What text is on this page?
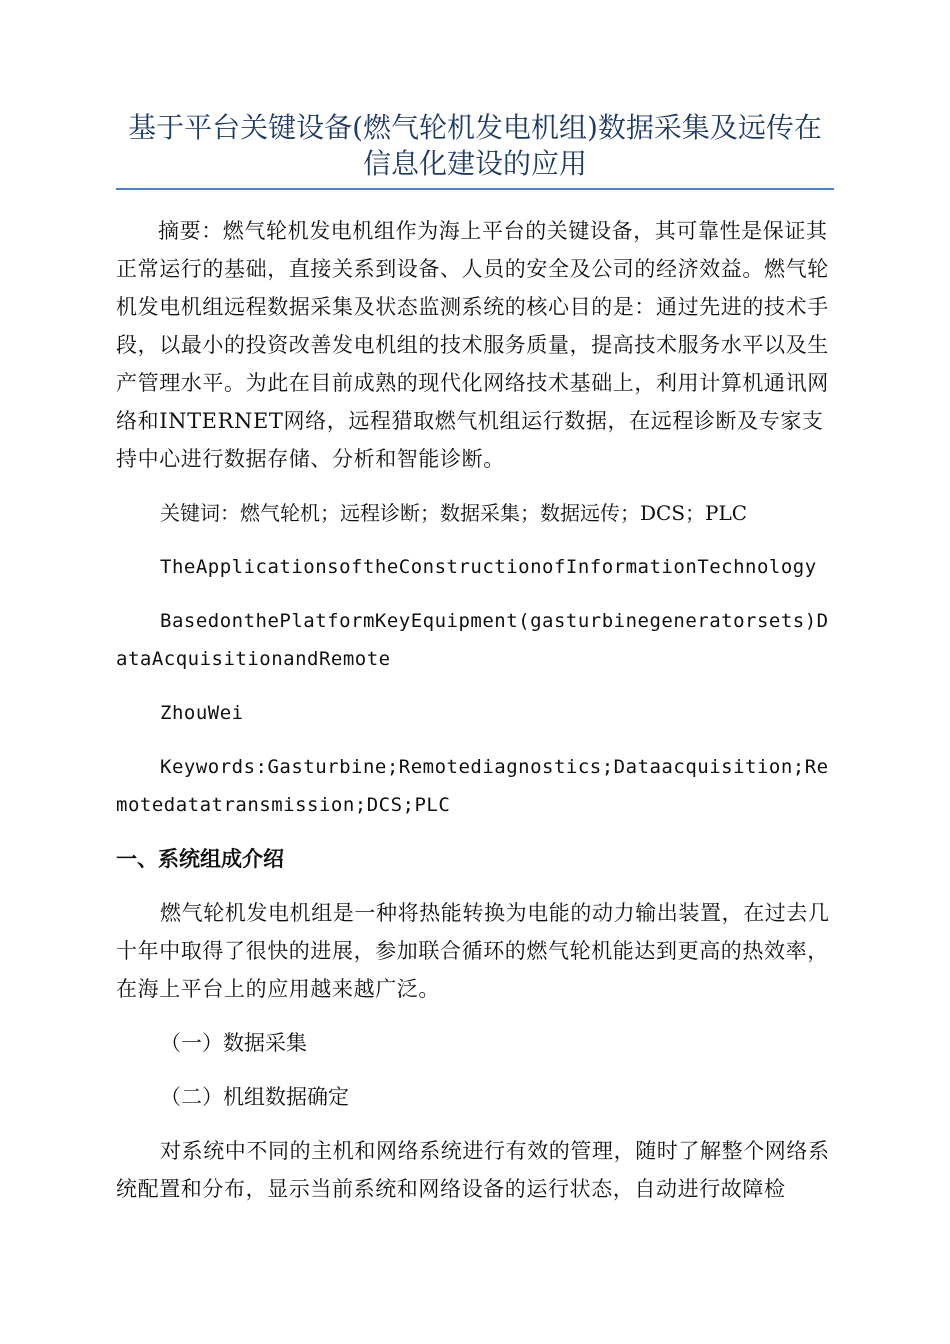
基于平台关键设备(燃气轮机发电机组)数据采集及远传在信息化建设的应用

摘要：燃气轮机发电机组作为海上平台的关键设备，其可靠性是保证其正常运行的基础，直接关系到设备、人员的安全及公司的经济效益。燃气轮机发电机组远程数据采集及状态监测系统的核心目的是：通过先进的技术手段，以最小的投资改善发电机组的技术服务质量，提高技术服务水平以及生产管理水平。为此在目前成熟的现代化网络技术基础上，利用计算机通讯网络和INTERNET网络，远程猎取燃气机组运行数据，在远程诊断及专家支持中心进行数据存储、分析和智能诊断。

关键词：燃气轮机；远程诊断；数据采集；数据远传；DCS；PLC

TheApplicationsoftheConstructionofInformationTechnology

BasedonthePlatformKeyEquipment(gasturbinegeneratorsets)DataAcquisitionandRemote

ZhouWei

Keywords:Gasturbine;Remotediagnostics;Dataacquisition;Remotedatatransmission;DCS;PLC

一、系统组成介绍

燃气轮机发电机组是一种将热能转换为电能的动力输出装置，在过去几十年中取得了很快的进展，参加联合循环的燃气轮机能达到更高的热效率，在海上平台上的应用越来越广泛。

（一）数据采集

（二）机组数据确定

对系统中不同的主机和网络系统进行有效的管理，随时了解整个网络系统配置和分布，显示当前系统和网络设备的运行状态，自动进行故障检
